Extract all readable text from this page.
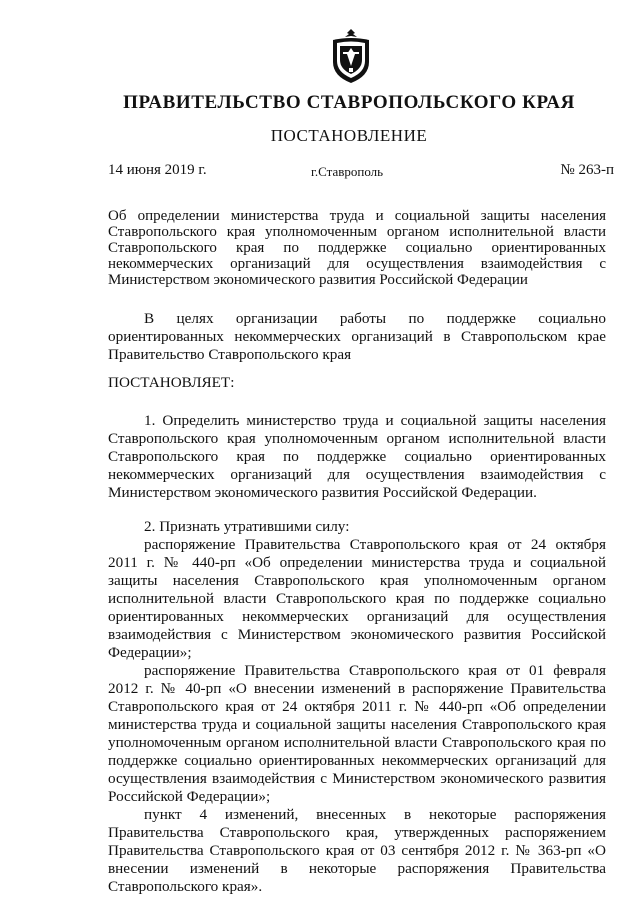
ПРАВИТЕЛЬСТВО СТАВРОПОЛЬСКОГО КРАЯ
ПОСТАНОВЛЕНИЕ
14 июня 2019 г.	г.Ставрополь	№ 263-п
Об определении министерства труда и социальной защиты населения Ставропольского края уполномоченным органом исполнительной власти Ставропольского края по поддержке социально ориентированных некоммерческих организаций для осуществления взаимодействия с Министерством экономического развития Российской Федерации

В целях организации работы по поддержке социально ориентированных некоммерческих организаций в Ставропольском крае Правительство Ставропольского края

ПОСТАНОВЛЯЕТ:

1. Определить министерство труда и социальной защиты населения Ставропольского края уполномоченным органом исполнительной власти Ставропольского края по поддержке социально ориентированных некоммерческих организаций для осуществления взаимодействия с Министерством экономического развития Российской Федерации.

2. Признать утратившими силу:

распоряжение Правительства Ставропольского края от 24 октября 2011 г. № 440-рп «Об определении министерства труда и социальной защиты населения Ставропольского края уполномоченным органом исполнительной власти Ставропольского края по поддержке социально ориентированных некоммерческих организаций для осуществления взаимодействия с Министерством экономического развития Российской Федерации»;

распоряжение Правительства Ставропольского края от 01 февраля 2012 г. № 40-рп «О внесении изменений в распоряжение Правительства Ставропольского края от 24 октября 2011 г. № 440-рп «Об определении министерства труда и социальной защиты населения Ставропольского края уполномоченным органом исполнительной власти Ставропольского края по поддержке социально ориентированных некоммерческих организаций для осуществления взаимодействия с Министерством экономического развития Российской Федерации»;

пункт 4 изменений, внесенных в некоторые распоряжения Правительства Ставропольского края, утвержденных распоряжением Правительства Ставропольского края от 03 сентября 2012 г. № 363-рп «О внесении изменений в некоторые распоряжения Правительства Ставропольского края».
